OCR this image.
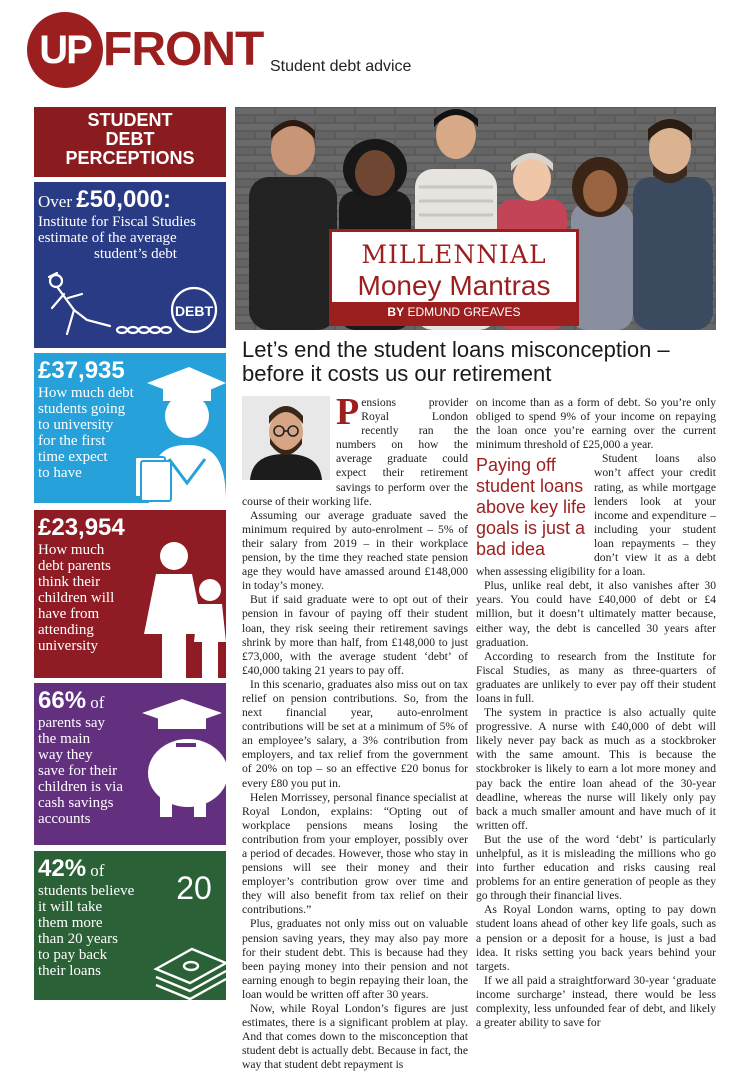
UP FRONT Student debt advice
STUDENT
DEBT
PERCEPTIONS
Over £50,000:
Institute for Fiscal Studies
estimate of the average
student’s debt
DEBT
£37,935
How much debt
students going
to university
for the first
time expect
to have
£23,954
How much
debt parents
think their
children will
have from
attending
university
66% of
parents say
the main
way they
save for their
children is via
cash savings
accounts
20
42% of
students believe
it will take
them more
than 20 years
to pay back
their loans
MILLENNIAL
Money Mantras
BY EDMUND GREAVES
Let’s end the student loans misconception – before it costs us our retirement

Pensions provider Royal London recently ran the numbers on how the average graduate could expect their retirement savings to perform over the course of their working life.

Assuming our average graduate saved the minimum required by auto-enrolment – 5% of their salary from 2019 – in their workplace pension, by the time they reached state pension age they would have amassed around £148,000 in today’s money.

But if said graduate were to opt out of their pension in favour of paying off their student loan, they risk seeing their retirement savings shrink by more than half, from £148,000 to just £73,000, with the average student ‘debt’ of £40,000 taking 21 years to pay off.

In this scenario, graduates also miss out on tax relief on pension contributions. So, from the next financial year, auto-enrolment contributions will be set at a minimum of 5% of an employee’s salary, a 3% contribution from employers, and tax relief from the government of 20% on top – so an effective £20 bonus for every £80 you put in.

Helen Morrissey, personal finance specialist at Royal London, explains: “Opting out of workplace pensions means losing the contribution from your employer, possibly over a period of decades. However, those who stay in pensions will see their money and their employer’s contribution grow over time and they will also benefit from tax relief on their contributions.”

Plus, graduates not only miss out on valuable pension saving years, they may also pay more for their student debt. This is because had they been paying money into their pension and not earning enough to begin repaying their loan, the loan would be written off after 30 years.

Now, while Royal London’s figures are just estimates, there is a significant problem at play. And that comes down to the misconception that student debt is actually debt. Because in fact, the way that student debt repayment is

on income than as a form of debt. So you’re only obliged to spend 9% of your income on repaying the loan once you’re earning over the current minimum threshold of £25,000 a year.

Paying off student loans above key life goals is just a bad idea

Student loans also won’t affect your credit rating, as while mortgage lenders look at your income and expenditure – including your student loan repayments – they don’t view it as a debt when assessing eligibility for a loan.

Plus, unlike real debt, it also vanishes after 30 years. You could have £40,000 of debt or £4 million, but it doesn’t ultimately matter because, either way, the debt is cancelled 30 years after graduation.

According to research from the Institute for Fiscal Studies, as many as three-quarters of graduates are unlikely to ever pay off their student loans in full.

The system in practice is also actually quite progressive. A nurse with £40,000 of debt will likely never pay back as much as a stockbroker with the same amount. This is because the stockbroker is likely to earn a lot more money and pay back the entire loan ahead of the 30-year deadline, whereas the nurse will likely only pay back a much smaller amount and have much of it written off.

But the use of the word ‘debt’ is particularly unhelpful, as it is misleading the millions who go into further education and risks causing real problems for an entire generation of people as they go through their financial lives.

As Royal London warns, opting to pay down student loans ahead of other key life goals, such as a pension or a deposit for a house, is just a bad idea. It risks setting you back years behind your targets.

If we all paid a straightforward 30-year ‘graduate income surcharge’ instead, there would be less complexity, less unfounded fear of debt, and likely a greater ability to save for
